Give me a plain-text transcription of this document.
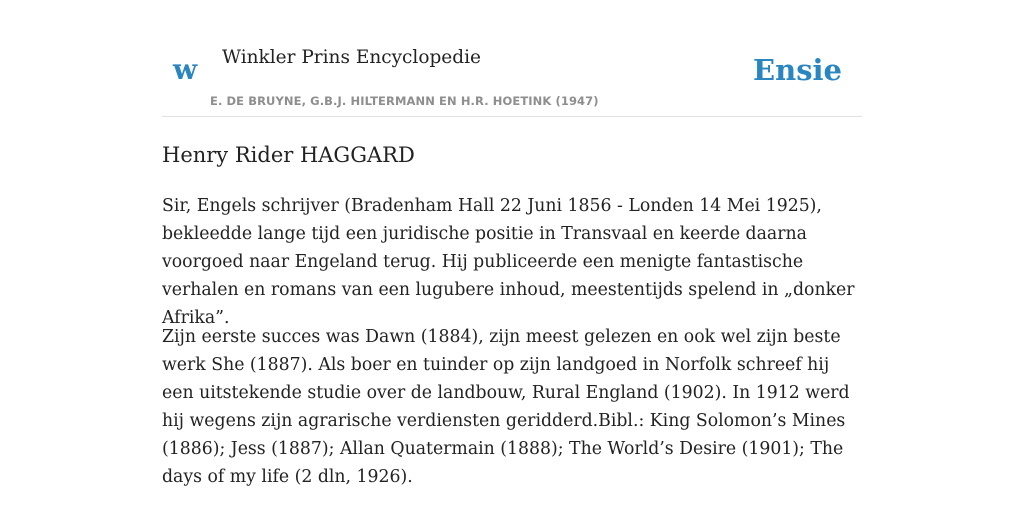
w Winkler Prins Encyclopedie
E. DE BRUYNE, G.B.J. HILTERMANN EN H.R. HOETINK (1947)
Ensie
Henry Rider HAGGARD

Sir, Engels schrijver (Bradenham Hall 22 Juni 1856 - Londen 14 Mei 1925), bekleedde lange tijd een juridische positie in Transvaal en keerde daarna voorgoed naar Engeland terug. Hij publiceerde een menigte fantastische verhalen en romans van een lugubere inhoud, meestentijds spelend in „donker Afrika”.

Zijn eerste succes was Dawn (1884), zijn meest gelezen en ook wel zijn beste werk She (1887). Als boer en tuinder op zijn landgoed in Norfolk schreef hij een uitstekende studie over de landbouw, Rural England (1902). In 1912 werd hij wegens zijn agrarische verdiensten geridderd.Bibl.: King Solomon’s Mines (1886); Jess (1887); Allan Quatermain (1888); The World’s Desire (1901); The days of my life (2 dln, 1926).
